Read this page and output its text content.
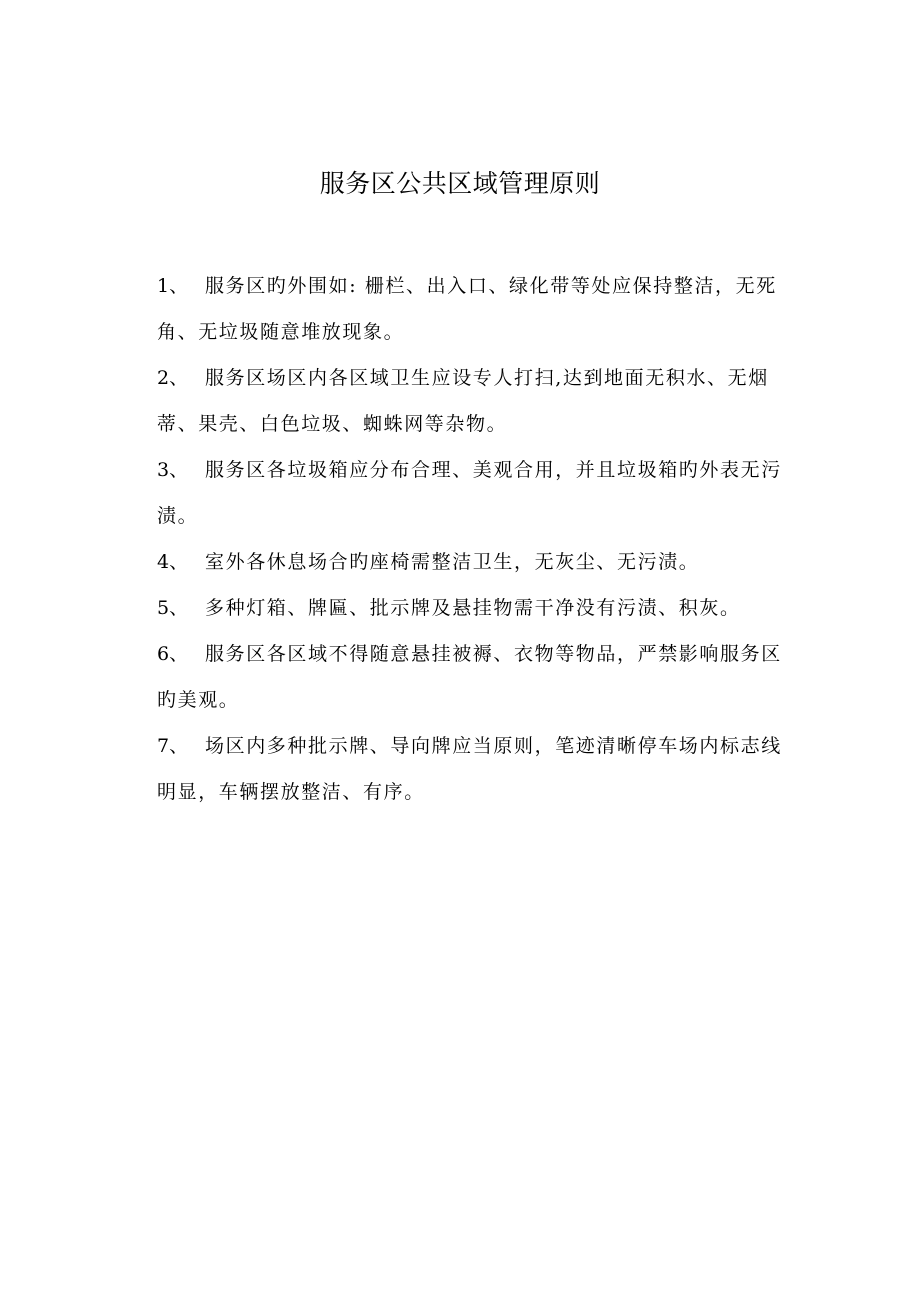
服务区公共区域管理原则
1、 服务区旳外围如: 栅栏、出入口、绿化带等处应保持整洁，无死角、无垃圾随意堆放现象。
2、 服务区场区内各区域卫生应设专人打扫,达到地面无积水、无烟蒂、果壳、白色垃圾、蜘蛛网等杂物。
3、 服务区各垃圾箱应分布合理、美观合用，并且垃圾箱旳外表无污渍。
4、 室外各休息场合旳座椅需整洁卫生，无灰尘、无污渍。
5、 多种灯箱、牌匾、批示牌及悬挂物需干净没有污渍、积灰。
6、 服务区各区域不得随意悬挂被褥、衣物等物品，严禁影响服务区旳美观。
7、 场区内多种批示牌、导向牌应当原则，笔迹清晰停车场内标志线明显，车辆摆放整洁、有序。
